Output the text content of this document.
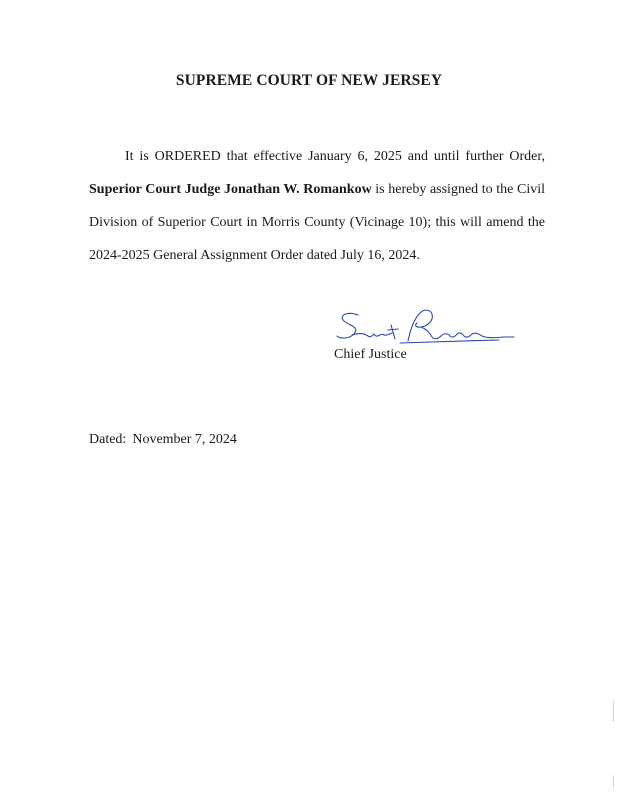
SUPREME COURT OF NEW JERSEY
It is ORDERED that effective January 6, 2025 and until further Order,
Superior Court Judge Jonathan W. Romankow is hereby assigned to the Civil
Division of Superior Court in Morris County (Vicinage 10); this will amend the
2024-2025 General Assignment Order dated July 16, 2024.
Chief Justice
Dated: November 7, 2024
